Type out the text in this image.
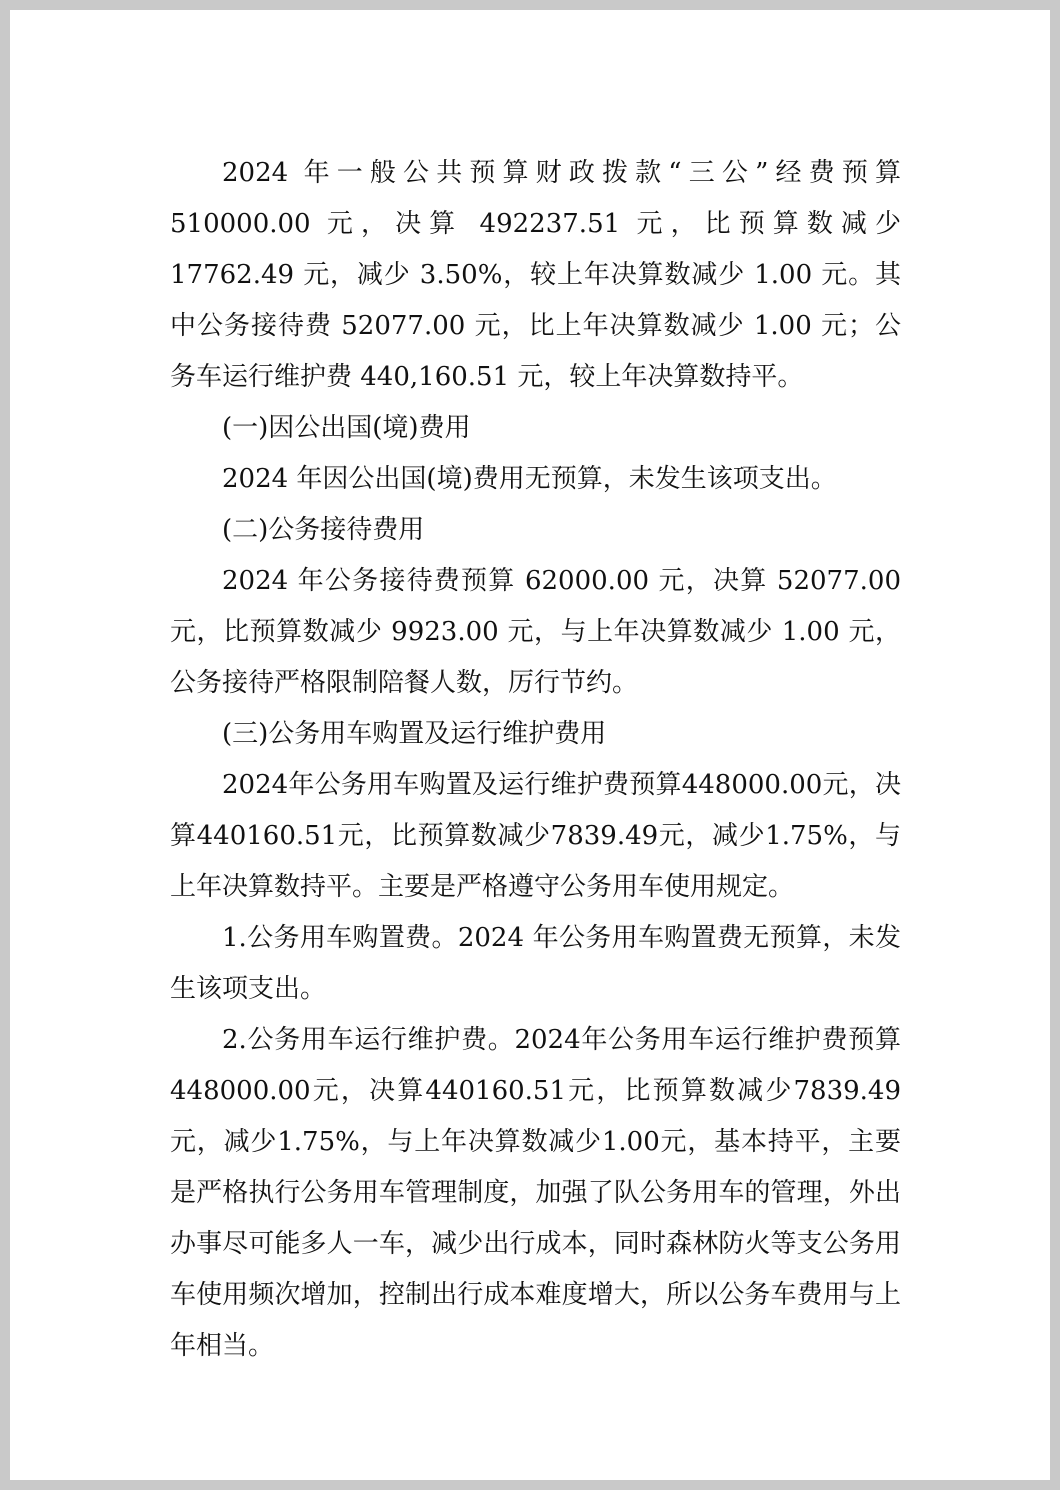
2024 年一般公共预算财政拨款“三公”经费预算 510000.00 元，决算 492237.51 元，比预算数减少 17762.49 元，减少 3.50%，较上年决算数减少 1.00 元。其中公务接待费 52077.00 元，比上年决算数减少 1.00 元；公务车运行维护费 440,160.51 元，较上年决算数持平。

(一)因公出国(境)费用

2024 年因公出国(境)费用无预算，未发生该项支出。

(二)公务接待费用

2024 年公务接待费预算 62000.00 元，决算 52077.00 元，比预算数减少 9923.00 元，与上年决算数减少 1.00 元，公务接待严格限制陪餐人数，厉行节约。

(三)公务用车购置及运行维护费用

2024年公务用车购置及运行维护费预算448000.00元，决算440160.51元，比预算数减少7839.49元，减少1.75%，与上年决算数持平。主要是严格遵守公务用车使用规定。

1.公务用车购置费。2024 年公务用车购置费无预算，未发生该项支出。

2.公务用车运行维护费。2024年公务用车运行维护费预算448000.00元，决算440160.51元，比预算数减少7839.49元，减少1.75%，与上年决算数减少1.00元，基本持平，主要是严格执行公务用车管理制度，加强了队公务用车的管理，外出办事尽可能多人一车，减少出行成本，同时森林防火等支公务用车使用频次增加，控制出行成本难度增大，所以公务车费用与上年相当。
